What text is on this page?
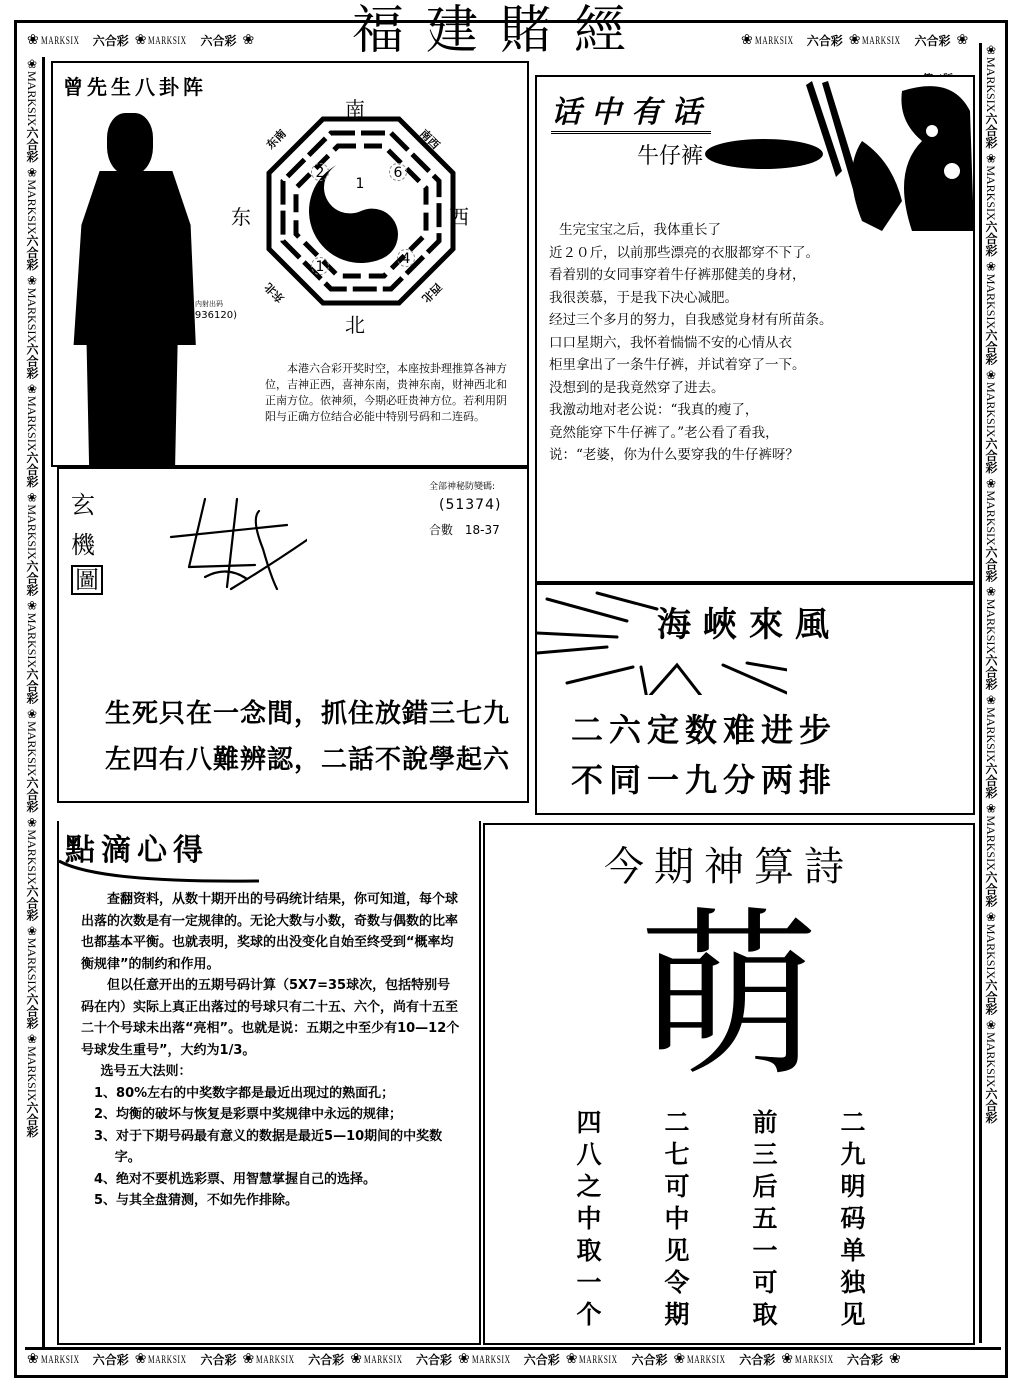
福建賭經
❀ MARKSIX 六合彩 ❀ MARKSIX 六合彩 ❀	❀ MARKSIX 六合彩 ❀ MARKSIX 六合彩 ❀
❀MARKSIX六合彩 ❀MARKSIX六合彩 ❀MARKSIX六合彩 ❀MARKSIX六合彩 ❀MARKSIX六合彩 ❀MARKSIX六合彩 ❀MARKSIX六合彩 ❀MARKSIX六合彩 ❀MARKSIX六合彩 ❀MARKSIX六合彩
❀MARKSIX六合彩 ❀MARKSIX六合彩 ❀MARKSIX六合彩 ❀MARKSIX六合彩 ❀MARKSIX六合彩 ❀MARKSIX六合彩 ❀MARKSIX六合彩 ❀MARKSIX六合彩 ❀MARKSIX六合彩 ❀MARKSIX六合彩
❀ MARKSIX 六合彩 ❀ MARKSIX 六合彩 ❀ MARKSIX 六合彩 ❀ MARKSIX 六合彩 ❀ MARKSIX 六合彩 ❀ MARKSIX 六合彩 ❀ MARKSIX 六合彩 ❀ MARKSIX 六合彩 ❀
曾先生八卦阵
内射出码
(936120)
南
北
东	西
东南	南西
东北	西北
2	6
1
1
7
4
本港六合彩开奖时空，本座按卦理推算各神方位，吉神正西，喜神东南，贵神东南，财神西北和正南方位。依神须，今期必旺贵神方位。若利用阴阳与正确方位结合必能中特别号码和二连码。
玄
機
圖
全部神秘防變碼:
(51374)
合數 18-37
生死只在一念間，抓住放錯三七九
左四右八難辨認，二話不說學起六
话中有话
牛仔裤
生完宝宝之后，我体重长了
近２０斤，以前那些漂亮的衣服都穿不下了。
看着别的女同事穿着牛仔裤那健美的身材，
我很羡慕，于是我下决心减肥。
经过三个多月的努力，自我感觉身材有所苗条。
口口星期六，我怀着惴惴不安的心情从衣
柜里拿出了一条牛仔裤，并试着穿了一下。
没想到的是我竟然穿了进去。
我激动地对老公说：“我真的瘦了，
竟然能穿下牛仔裤了。”老公看了看我，
说：“老婆，你为什么要穿我的牛仔裤呀？
海峽來風
二六定数难进步
不同一九分两排
點滴心得

查翻资料，从数十期开出的号码统计结果，你可知道，每个球出落的次数是有一定规律的。无论大数与小数，奇数与偶数的比率也都基本平衡。也就表明，奖球的出没变化自始至终受到“概率均衡规律”的制约和作用。

但以任意开出的五期号码计算（5X7=35球次，包括特别号码在内）实际上真正出落过的号球只有二十五、六个，尚有十五至二十个号球未出落“亮相”。也就是说：五期之中至少有10—12个号球发生重号”，大约为1/3。

选号五大法则：

1、80%左右的中奖数字都是最近出现过的熟面孔；
2、均衡的破坏与恢复是彩票中奖规律中永远的规律；
3、对于下期号码最有意义的数据是最近5—10期间的中奖数字。
4、绝对不要机选彩票、用智慧掌握自己的选择。
5、与其全盘猜测，不如先作排除。
今期神算詩
萌
四
八
之
中
取
一
个
二
七
可
中
见
令
期
前
三
后
五
一
可
取
二
九
明
码
单
独
见
